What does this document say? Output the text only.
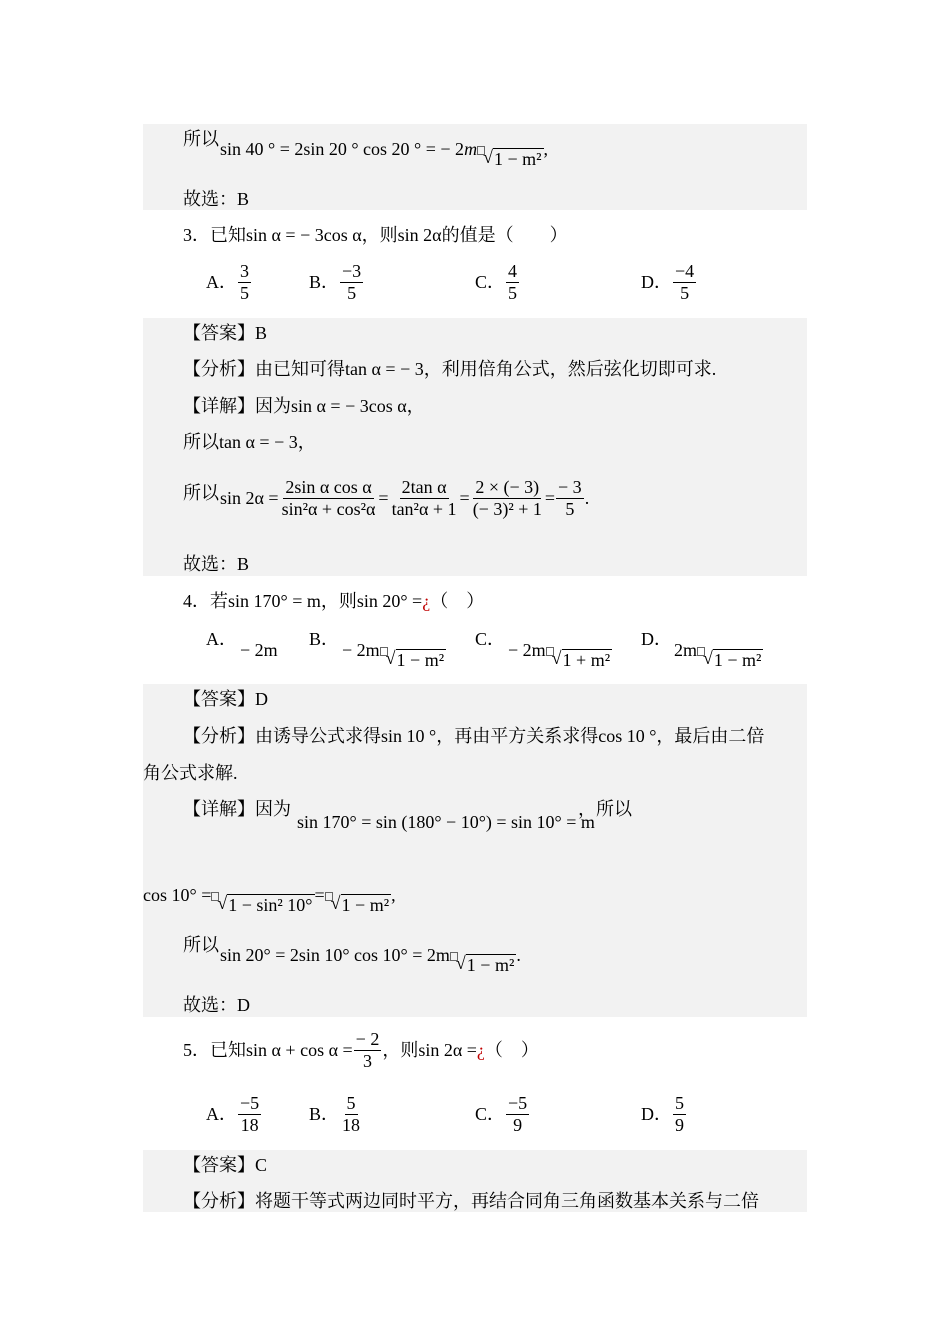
所以 sin 40 ° = 2sin 20 ° cos 20 ° = − 2m √ 1 − m² ,
故选：B
3．已知sin α = − 3cos α，则sin 2α的值是（　　）
A． $\frac{3}{5}$	B． $\frac{-3}{5}$	C． $\frac{4}{5}$	D． $\frac{-4}{5}$
【答案】B
【分析】由已知可得tan α = − 3，利用倍角公式，然后弦化切即可求.
【详解】因为sin α = − 3cos α，
所以tan α = − 3，
所以 $\sin 2\alpha = \frac{\text{2sin α cos α}}{\text{sin²α + cos²α}} = \frac{\text{2tan α}}{\text{tan²α + 1}} = \frac{2 \times (- 3)}{\text{(− 3)² + 1}} = \frac{- 3}{5}$ .
故选：B
4．若sin 170° = m，则sin 20° =¿（　）
A．
− 2m
B．
− 2m √ 1 − m²
C．
− 2m √ 1 + m²
D．
2m √ 1 − m²
【答案】D
【分析】由诱导公式求得sin 10 °，再由平方关系求得cos 10 °，最后由二倍
角公式求解.
【详解】因为
sin 170° = sin (180° − 10°) = sin 10° = m
，所以
cos 10° = √ 1 − sin² 10° = √ 1 − m² ,
所以 sin 20° = 2sin 10° cos 10° = 2m √ 1 − m² .
故选：D
5．已知$\sin \alpha + \cos \alpha = \frac{- 2}{3}$ ，则sin 2α = ¿ （　）
A． $\frac{-5}{18}$	B． $\frac{5}{18}$	C． $\frac{-5}{9}$	D． $\frac{5}{9}$
【答案】C
【分析】将题干等式两边同时平方，再结合同角三角函数基本关系与二倍
